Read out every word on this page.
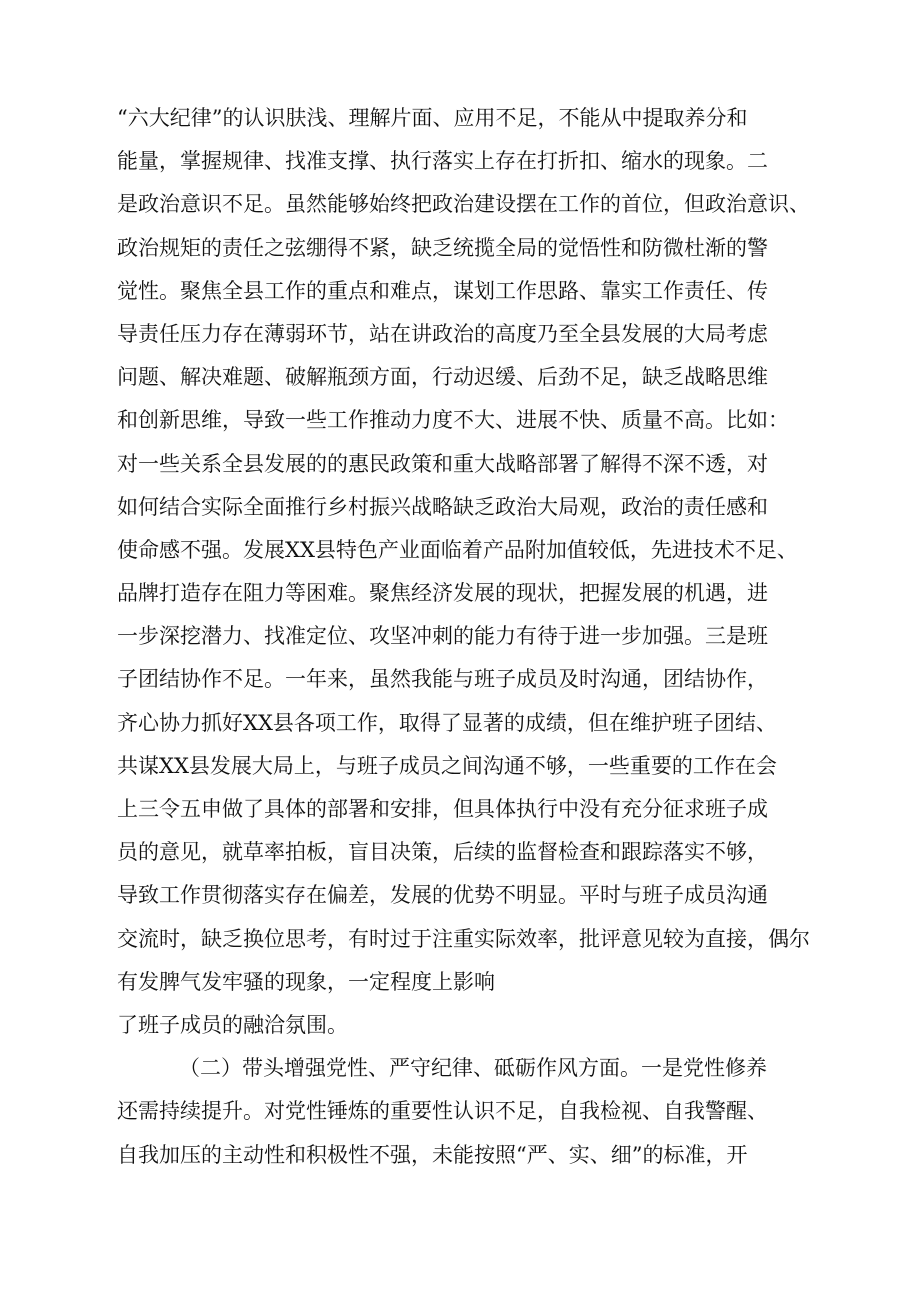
“六大纪律”的认识肤浅、理解片面、应用不足，不能从中提取养分和
能量，掌握规律、找准支撑、执行落实上存在打折扣、缩水的现象。二
是政治意识不足。虽然能够始终把政治建设摆在工作的首位，但政治意识、
政治规矩的责任之弦绷得不紧，缺乏统揽全局的觉悟性和防微杜渐的警
觉性。聚焦全县工作的重点和难点，谋划工作思路、靠实工作责任、传
导责任压力存在薄弱环节，站在讲政治的高度乃至全县发展的大局考虑
问题、解决难题、破解瓶颈方面，行动迟缓、后劲不足，缺乏战略思维
和创新思维，导致一些工作推动力度不大、进展不快、质量不高。比如：
对一些关系全县发展的的惠民政策和重大战略部署了解得不深不透，对
如何结合实际全面推行乡村振兴战略缺乏政治大局观，政治的责任感和
使命感不强。发展XX县特色产业面临着产品附加值较低，先进技术不足、
品牌打造存在阻力等困难。聚焦经济发展的现状，把握发展的机遇，进
一步深挖潜力、找准定位、攻坚冲刺的能力有待于进一步加强。三是班
子团结协作不足。一年来，虽然我能与班子成员及时沟通，团结协作，
齐心协力抓好XX县各项工作，取得了显著的成绩，但在维护班子团结、
共谋XX县发展大局上，与班子成员之间沟通不够，一些重要的工作在会
上三令五申做了具体的部署和安排，但具体执行中没有充分征求班子成
员的意见，就草率拍板，盲目决策，后续的监督检查和跟踪落实不够，
导致工作贯彻落实存在偏差，发展的优势不明显。平时与班子成员沟通
交流时，缺乏换位思考，有时过于注重实际效率，批评意见较为直接，偶尔
有发脾气发牢骚的现象，一定程度上影响
了班子成员的融洽氛围。
（二）带头增强党性、严守纪律、砥砺作风方面。一是党性修养
还需持续提升。对党性锤炼的重要性认识不足，自我检视、自我警醒、
自我加压的主动性和积极性不强，未能按照“严、实、细”的标准，开
